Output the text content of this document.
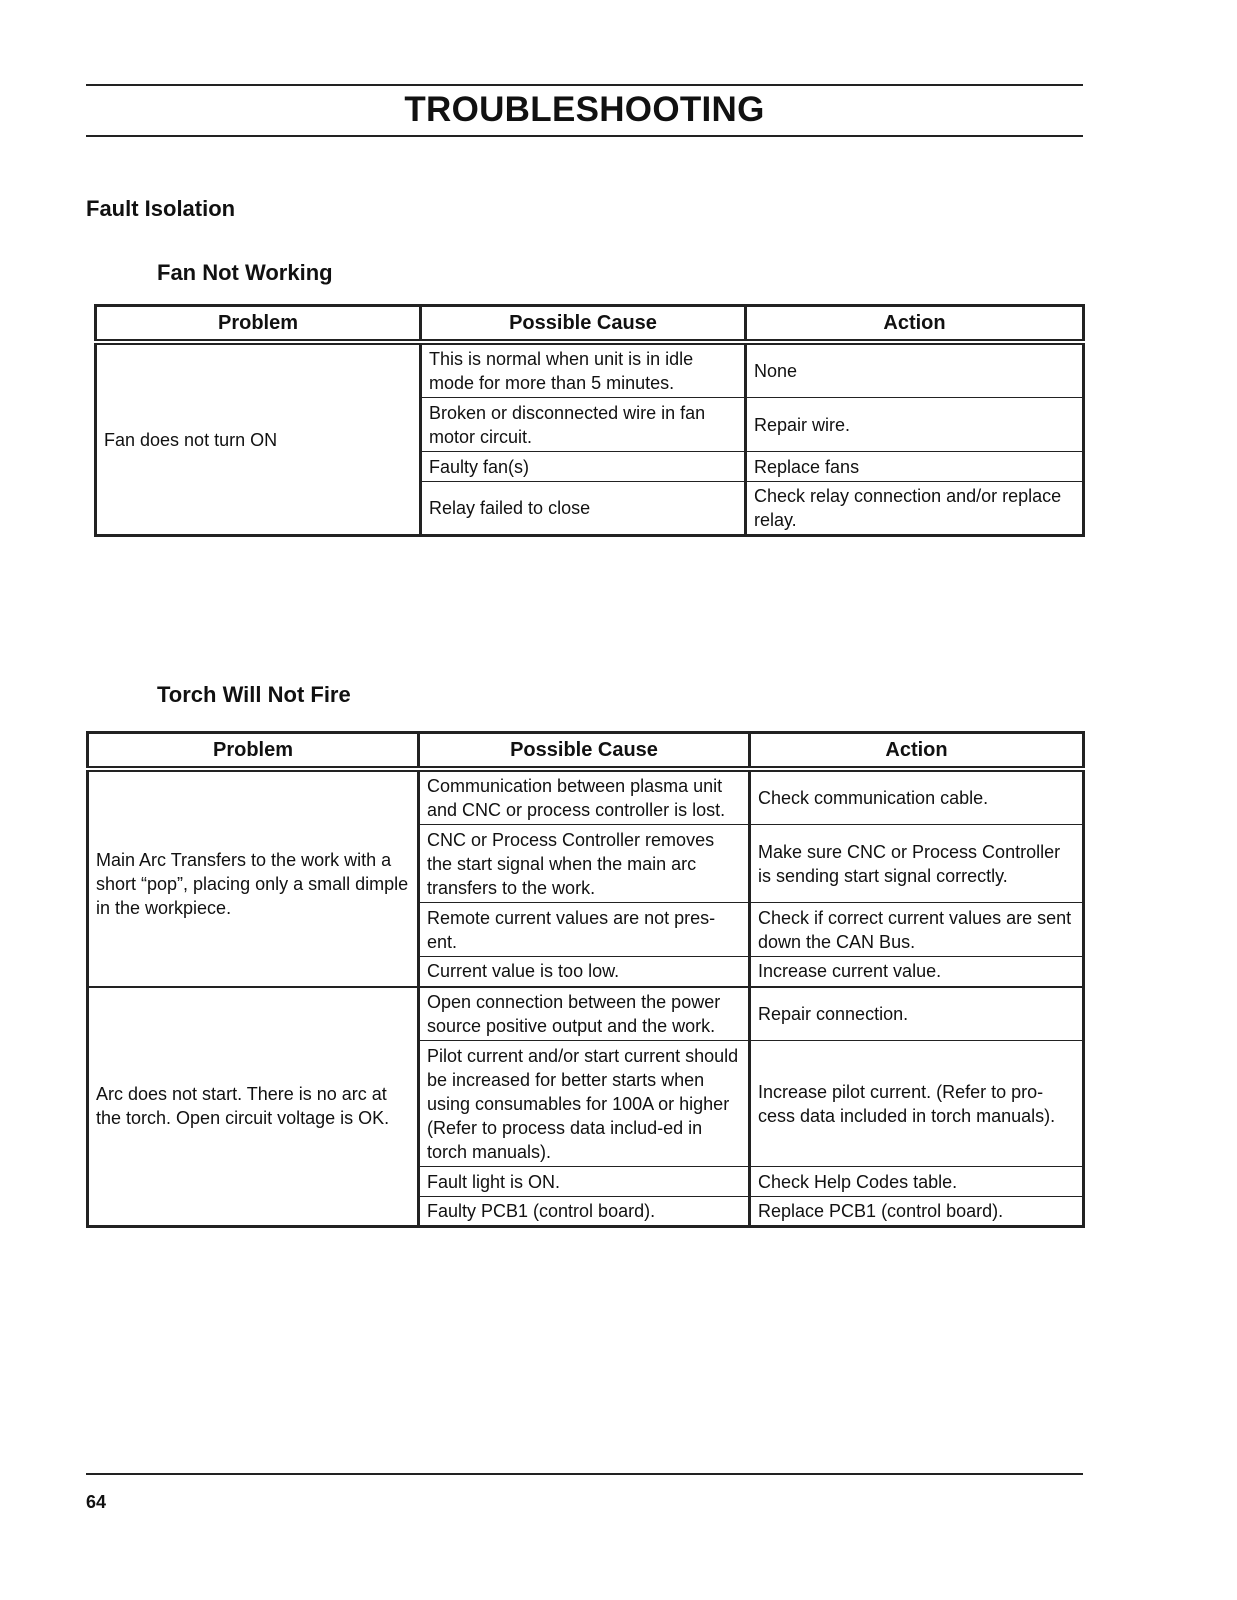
TROUBLESHOOTING
Fault Isolation
Fan Not Working
Problem	Possible Cause	Action
Fan does not turn ON	This is normal when unit is in idle mode for more than 5 minutes.	None
	Broken or disconnected wire in fan motor circuit.	Repair wire.
	Faulty fan(s)	Replace fans
	Relay failed to close	Check relay connection and/or replace relay.
Torch Will Not Fire
Problem	Possible Cause	Action
Main Arc Transfers to the work with a short “pop”, placing only a small dimple in the workpiece.	Communication between plasma unit and CNC or process controller is lost.	Check communication cable.
	CNC or Process Controller removes the start signal when the main arc transfers to the work.	Make sure CNC or Process Controller is sending start signal correctly.
	Remote current values are not pres-ent.	Check if correct current values are sent down the CAN Bus.
	Current value is too low.	Increase current value.
Arc does not start. There is no arc at the torch. Open circuit voltage is OK.	Open connection between the power source positive output and the work.	Repair connection.
	Pilot current and/or start current should be increased for better starts when using consumables for 100A or higher (Refer to process data includ-ed in torch manuals).	Increase pilot current. (Refer to pro-cess data included in torch manuals).
	Fault light is ON.	Check Help Codes table.
	Faulty PCB1 (control board).	Replace PCB1 (control board).
64
